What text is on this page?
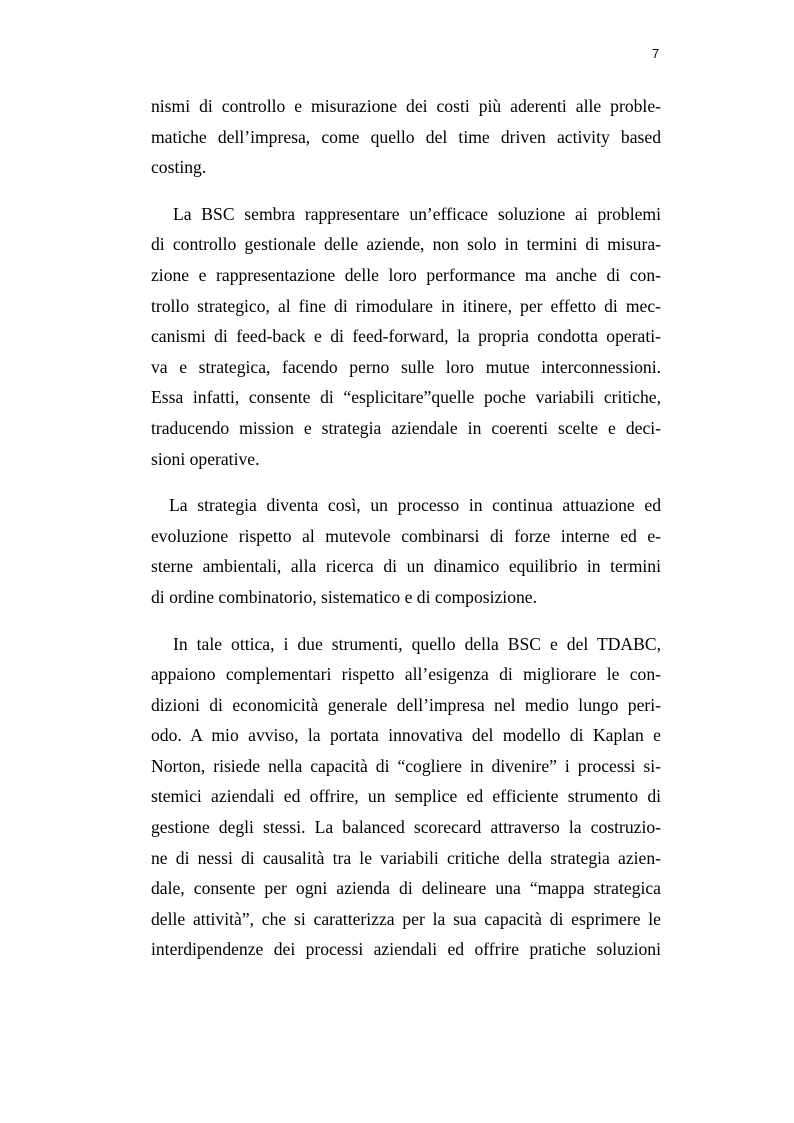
7
nismi di controllo e misurazione dei costi più aderenti alle proble-
matiche dell’impresa, come quello del time driven activity based
costing.
La BSC sembra rappresentare un’efficace soluzione ai problemi
di controllo gestionale delle aziende, non solo in termini di misura-
zione e rappresentazione delle loro performance ma anche di con-
trollo strategico, al fine di rimodulare in itinere, per effetto di mec-
canismi di feed-back e di feed-forward, la propria condotta operati-
va e strategica, facendo perno sulle loro mutue interconnessioni.
Essa infatti, consente di “esplicitare”quelle poche variabili critiche,
traducendo mission e strategia aziendale in coerenti scelte e deci-
sioni operative.
La strategia diventa così, un processo in continua attuazione ed
evoluzione rispetto al mutevole combinarsi di forze interne ed e-
sterne ambientali, alla ricerca di un dinamico equilibrio in termini
di ordine combinatorio, sistematico e di composizione.
In tale ottica, i due strumenti, quello della BSC e del TDABC,
appaiono complementari rispetto all’esigenza di migliorare le con-
dizioni di economicità generale dell’impresa nel medio lungo peri-
odo. A mio avviso, la portata innovativa del modello di Kaplan e
Norton, risiede nella capacità di “cogliere in divenire” i processi si-
stemici aziendali ed offrire, un semplice ed efficiente strumento di
gestione degli stessi. La balanced scorecard attraverso la costruzio-
ne di nessi di causalità tra le variabili critiche della strategia azien-
dale, consente per ogni azienda di delineare una “mappa strategica
delle attività”, che si caratterizza per la sua capacità di esprimere le
interdipendenze dei processi aziendali ed offrire pratiche soluzioni
